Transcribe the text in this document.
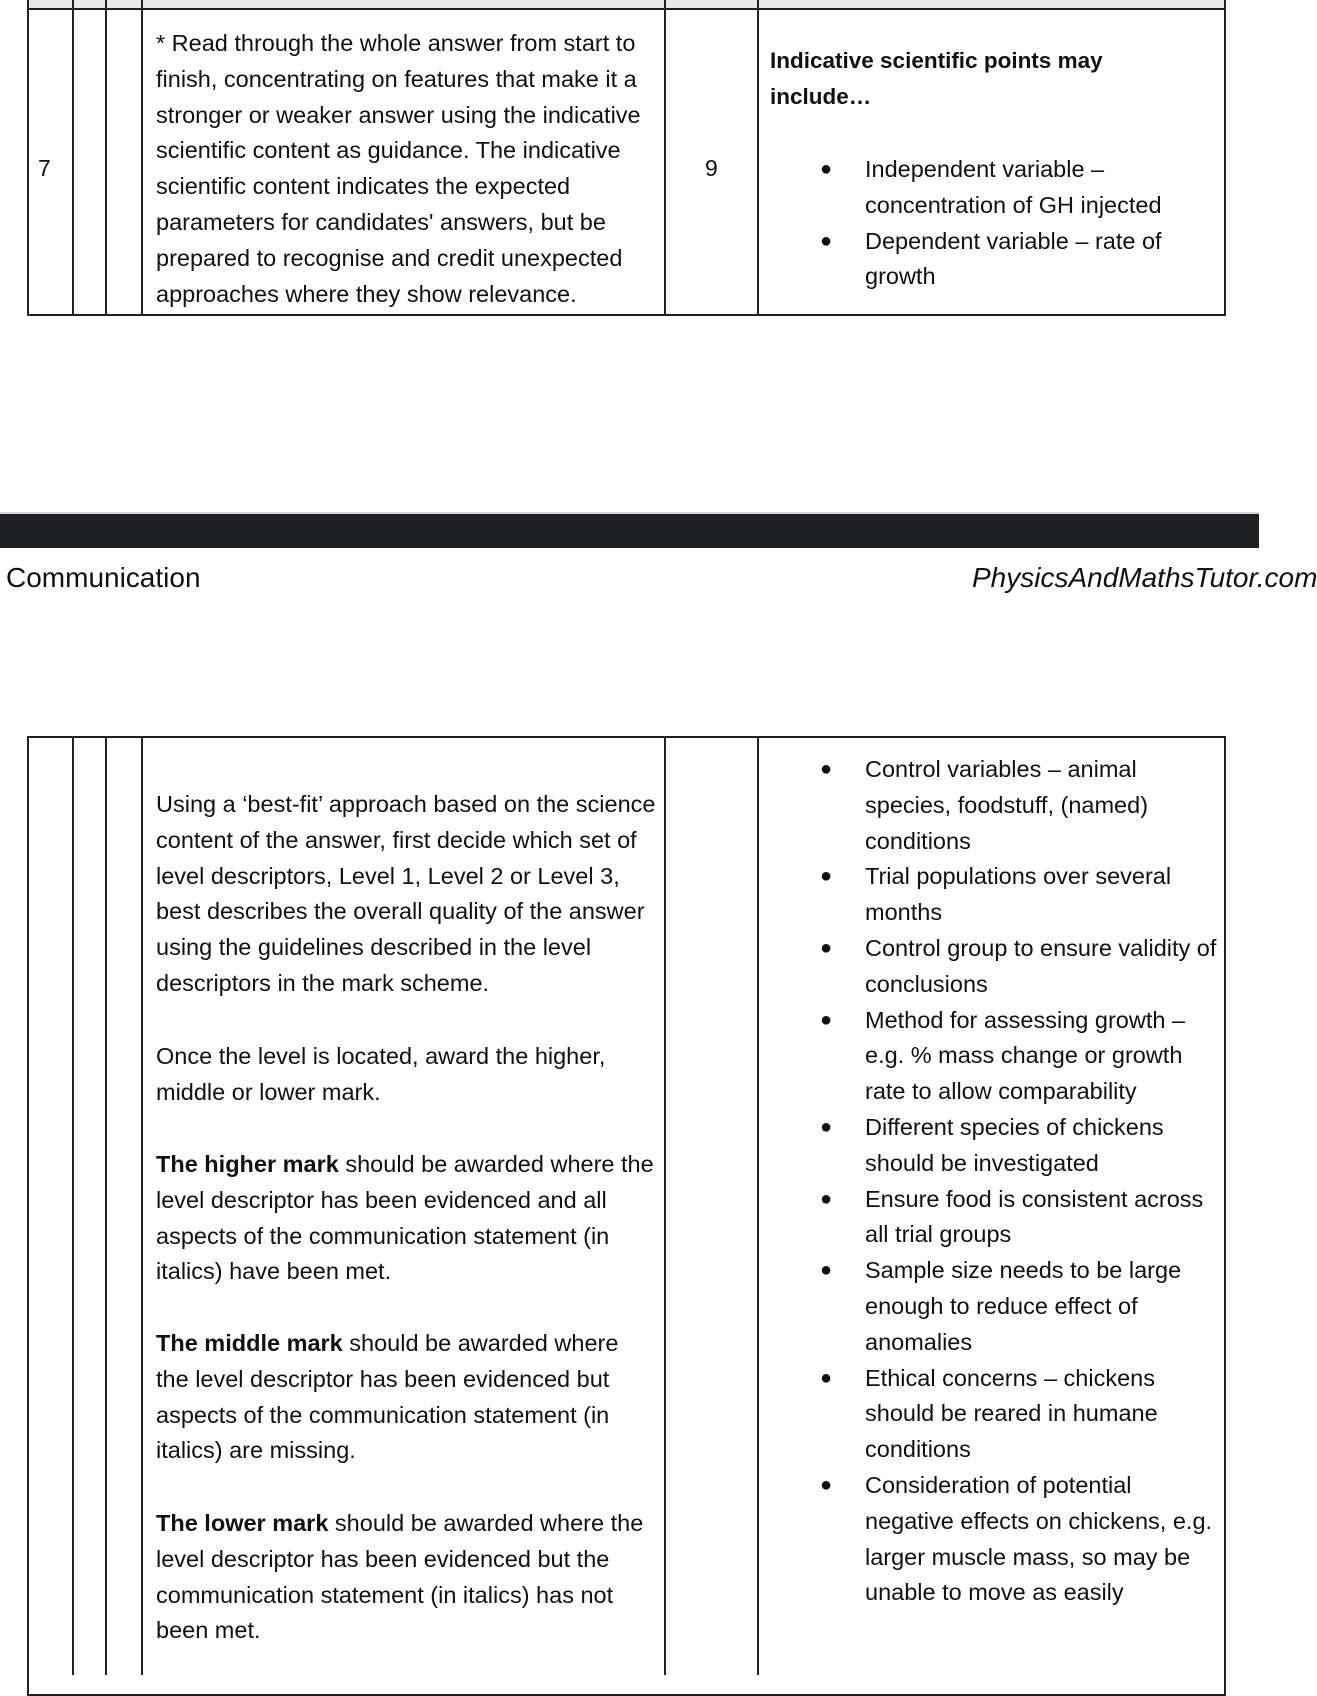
7
* Read through the whole answer from start to finish, concentrating on features that make it a stronger or weaker answer using the indicative scientific content as guidance. The indicative scientific content indicates the expected parameters for candidates' answers, but be prepared to recognise and credit unexpected approaches where they show relevance.
9
Indicative scientific points may include…
● Independent variable – concentration of GH injected
● Dependent variable – rate of growth
Communication	PhysicsAndMathsTutor.com
Using a ‘best-fit’ approach based on the science content of the answer, first decide which set of level descriptors, Level 1, Level 2 or Level 3, best describes the overall quality of the answer using the guidelines described in the level descriptors in the mark scheme.
Once the level is located, award the higher, middle or lower mark.
The higher mark should be awarded where the level descriptor has been evidenced and all aspects of the communication statement (in italics) have been met.
The middle mark should be awarded where the level descriptor has been evidenced but aspects of the communication statement (in italics) are missing.
The lower mark should be awarded where the level descriptor has been evidenced but the communication statement (in italics) has not been met.
● Control variables – animal species, foodstuff, (named) conditions
● Trial populations over several months
● Control group to ensure validity of conclusions
● Method for assessing growth – e.g. % mass change or growth rate to allow comparability
● Different species of chickens should be investigated
● Ensure food is consistent across all trial groups
● Sample size needs to be large enough to reduce effect of anomalies
● Ethical concerns – chickens should be reared in humane conditions
● Consideration of potential negative effects on chickens, e.g. larger muscle mass, so may be unable to move as easily
